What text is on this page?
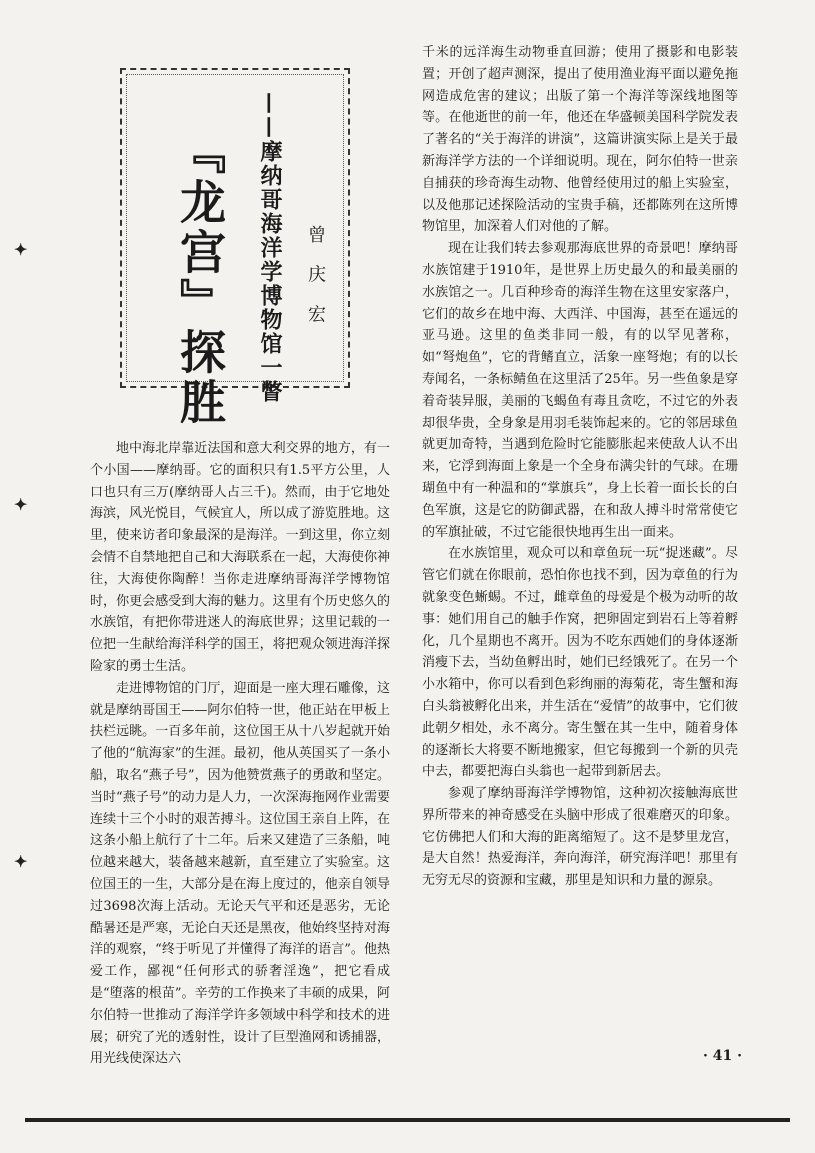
✦
✦
✦
『龙宫』探胜	——摩纳哥海洋学博物馆一瞥	曾 庆 宏

地中海北岸靠近法国和意大利交界的地方，有一个小国——摩纳哥。它的面积只有1.5平方公里，人口也只有三万(摩纳哥人占三千)。然而，由于它地处海滨，风光悦目，气候宜人，所以成了游览胜地。这里，使来访者印象最深的是海洋。一到这里，你立刻会情不自禁地把自己和大海联系在一起，大海使你神往，大海使你陶醉！当你走进摩纳哥海洋学博物馆时，你更会感受到大海的魅力。这里有个历史悠久的水族馆，有把你带进迷人的海底世界；这里记载的一位把一生献给海洋科学的国王，将把观众领进海洋探险家的勇士生活。

走进博物馆的门厅，迎面是一座大理石雕像，这就是摩纳哥国王——阿尔伯特一世，他正站在甲板上扶栏远眺。一百多年前，这位国王从十八岁起就开始了他的“航海家”的生涯。最初，他从英国买了一条小船，取名“燕子号”，因为他赞赏燕子的勇敢和坚定。当时“燕子号”的动力是人力，一次深海拖网作业需要连续十三个小时的艰苦搏斗。这位国王亲自上阵，在这条小船上航行了十二年。后来又建造了三条船，吨位越来越大，装备越来越新，直至建立了实验室。这位国王的一生，大部分是在海上度过的，他亲自领导过3698次海上活动。无论天气平和还是恶劣，无论酷暑还是严寒，无论白天还是黑夜，他始终坚持对海洋的观察，“终于听见了并懂得了海洋的语言”。他热爱工作，鄙视“任何形式的骄奢淫逸”，把它看成是“堕落的根苗”。辛劳的工作换来了丰硕的成果，阿尔伯特一世推动了海洋学许多领域中科学和技术的进展；研究了光的透射性，设计了巨型渔网和诱捕器，用光线使深达六

千米的远洋海生动物垂直回游；使用了摄影和电影装置；开创了超声测深，提出了使用渔业海平面以避免拖网造成危害的建议；出版了第一个海洋等深线地图等等。在他逝世的前一年，他还在华盛顿美国科学院发表了著名的“关于海洋的讲演”，这篇讲演实际上是关于最新海洋学方法的一个详细说明。现在，阿尔伯特一世亲自捕获的珍奇海生动物、他曾经使用过的船上实验室，以及他那记述探险活动的宝贵手稿，还都陈列在这所博物馆里，加深着人们对他的了解。

现在让我们转去参观那海底世界的奇景吧！摩纳哥水族馆建于1910年，是世界上历史最久的和最美丽的水族馆之一。几百种珍奇的海洋生物在这里安家落户，它们的故乡在地中海、大西洋、中国海，甚至在遥远的亚马逊。这里的鱼类非同一般，有的以罕见著称，如“弩炮鱼”，它的背鳍直立，活象一座弩炮；有的以长寿闻名，一条标鲭鱼在这里活了25年。另一些鱼象是穿着奇装异服，美丽的飞蝎鱼有毒且贪吃，不过它的外表却很华贵，全身象是用羽毛装饰起来的。它的邻居球鱼就更加奇特，当遇到危险时它能膨胀起来使敌人认不出来，它浮到海面上象是一个全身布满尖针的气球。在珊瑚鱼中有一种温和的“掌旗兵”，身上长着一面长长的白色军旗，这是它的防御武器，在和敌人搏斗时常常使它的军旗扯破，不过它能很快地再生出一面来。

在水族馆里，观众可以和章鱼玩一玩“捉迷藏”。尽管它们就在你眼前，恐怕你也找不到，因为章鱼的行为就象变色蜥蜴。不过，雌章鱼的母爱是个极为动听的故事：她们用自己的触手作窝，把卵固定到岩石上等着孵化，几个星期也不离开。因为不吃东西她们的身体逐渐消瘦下去，当幼鱼孵出时，她们已经饿死了。在另一个小水箱中，你可以看到色彩绚丽的海菊花，寄生蟹和海白头翁被孵化出来，并生活在“爱情”的故事中，它们彼此朝夕相处，永不离分。寄生蟹在其一生中，随着身体的逐渐长大将要不断地搬家，但它每搬到一个新的贝壳中去，都要把海白头翁也一起带到新居去。

参观了摩纳哥海洋学博物馆，这种初次接触海底世界所带来的神奇感受在头脑中形成了很难磨灭的印象。它仿佛把人们和大海的距离缩短了。这不是梦里龙宫，是大自然！热爱海洋，奔向海洋，研究海洋吧！那里有无穷无尽的资源和宝藏，那里是知识和力量的源泉。

· 41 ·
